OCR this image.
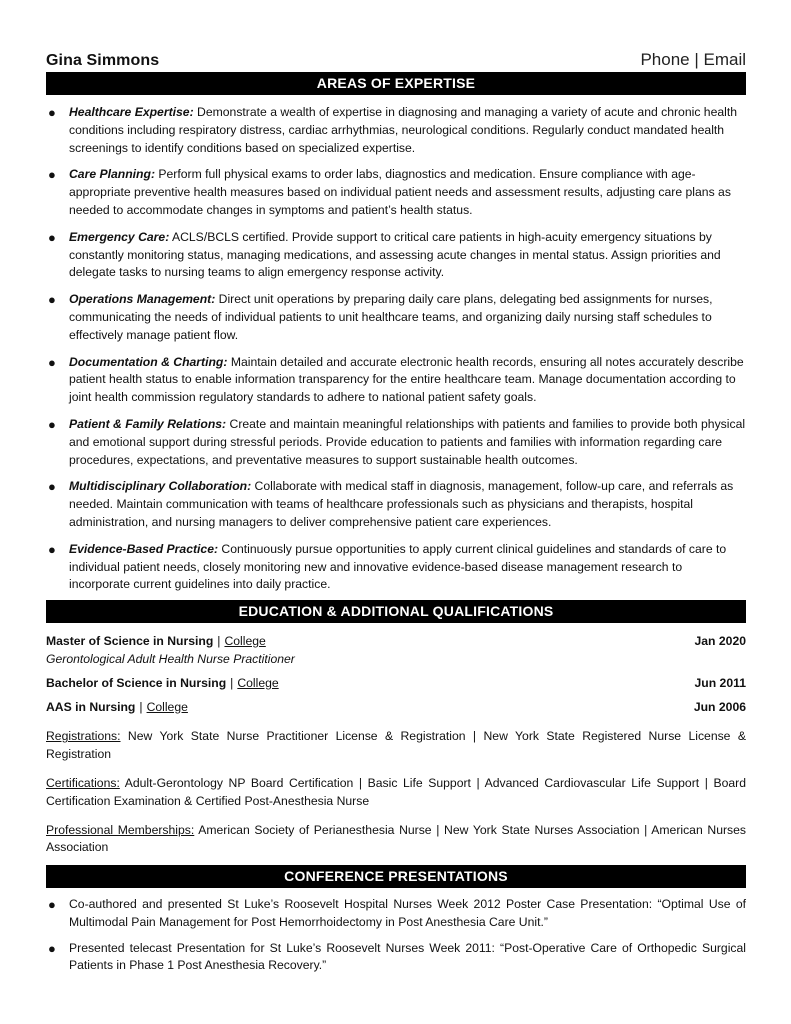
Gina Simmons	Phone | Email
AREAS OF EXPERTISE
● Healthcare Expertise: Demonstrate a wealth of expertise in diagnosing and managing a variety of acute and chronic health conditions including respiratory distress, cardiac arrhythmias, neurological conditions. Regularly conduct mandated health screenings to identify conditions based on specialized expertise.
● Care Planning: Perform full physical exams to order labs, diagnostics and medication. Ensure compliance with age-appropriate preventive health measures based on individual patient needs and assessment results, adjusting care plans as needed to accommodate changes in symptoms and patient’s health status.
● Emergency Care: ACLS/BCLS certified. Provide support to critical care patients in high-acuity emergency situations by constantly monitoring status, managing medications, and assessing acute changes in mental status. Assign priorities and delegate tasks to nursing teams to align emergency response activity.
● Operations Management: Direct unit operations by preparing daily care plans, delegating bed assignments for nurses, communicating the needs of individual patients to unit healthcare teams, and organizing daily nursing staff schedules to effectively manage patient flow.
● Documentation & Charting: Maintain detailed and accurate electronic health records, ensuring all notes accurately describe patient health status to enable information transparency for the entire healthcare team. Manage documentation according to joint health commission regulatory standards to adhere to national patient safety goals.
● Patient & Family Relations: Create and maintain meaningful relationships with patients and families to provide both physical and emotional support during stressful periods. Provide education to patients and families with information regarding care procedures, expectations, and preventative measures to support sustainable health outcomes.
● Multidisciplinary Collaboration: Collaborate with medical staff in diagnosis, management, follow-up care, and referrals as needed. Maintain communication with teams of healthcare professionals such as physicians and therapists, hospital administration, and nursing managers to deliver comprehensive patient care experiences.
● Evidence-Based Practice: Continuously pursue opportunities to apply current clinical guidelines and standards of care to individual patient needs, closely monitoring new and innovative evidence-based disease management research to incorporate current guidelines into daily practice.
EDUCATION & ADDITIONAL QUALIFICATIONS
Master of Science in Nursing | College	Jan 2020
Gerontological Adult Health Nurse Practitioner
Bachelor of Science in Nursing | College	Jun 2011
AAS in Nursing | College	Jun 2006
Registrations: New York State Nurse Practitioner License & Registration | New York State Registered Nurse License & Registration
Certifications: Adult-Gerontology NP Board Certification | Basic Life Support | Advanced Cardiovascular Life Support | Board Certification Examination & Certified Post-Anesthesia Nurse
Professional Memberships: American Society of Perianesthesia Nurse | New York State Nurses Association | American Nurses Association
CONFERENCE PRESENTATIONS
● Co-authored and presented St Luke’s Roosevelt Hospital Nurses Week 2012 Poster Case Presentation: “Optimal Use of Multimodal Pain Management for Post Hemorrhoidectomy in Post Anesthesia Care Unit.”
● Presented telecast Presentation for St Luke’s Roosevelt Nurses Week 2011: “Post-Operative Care of Orthopedic Surgical Patients in Phase 1 Post Anesthesia Recovery.”
